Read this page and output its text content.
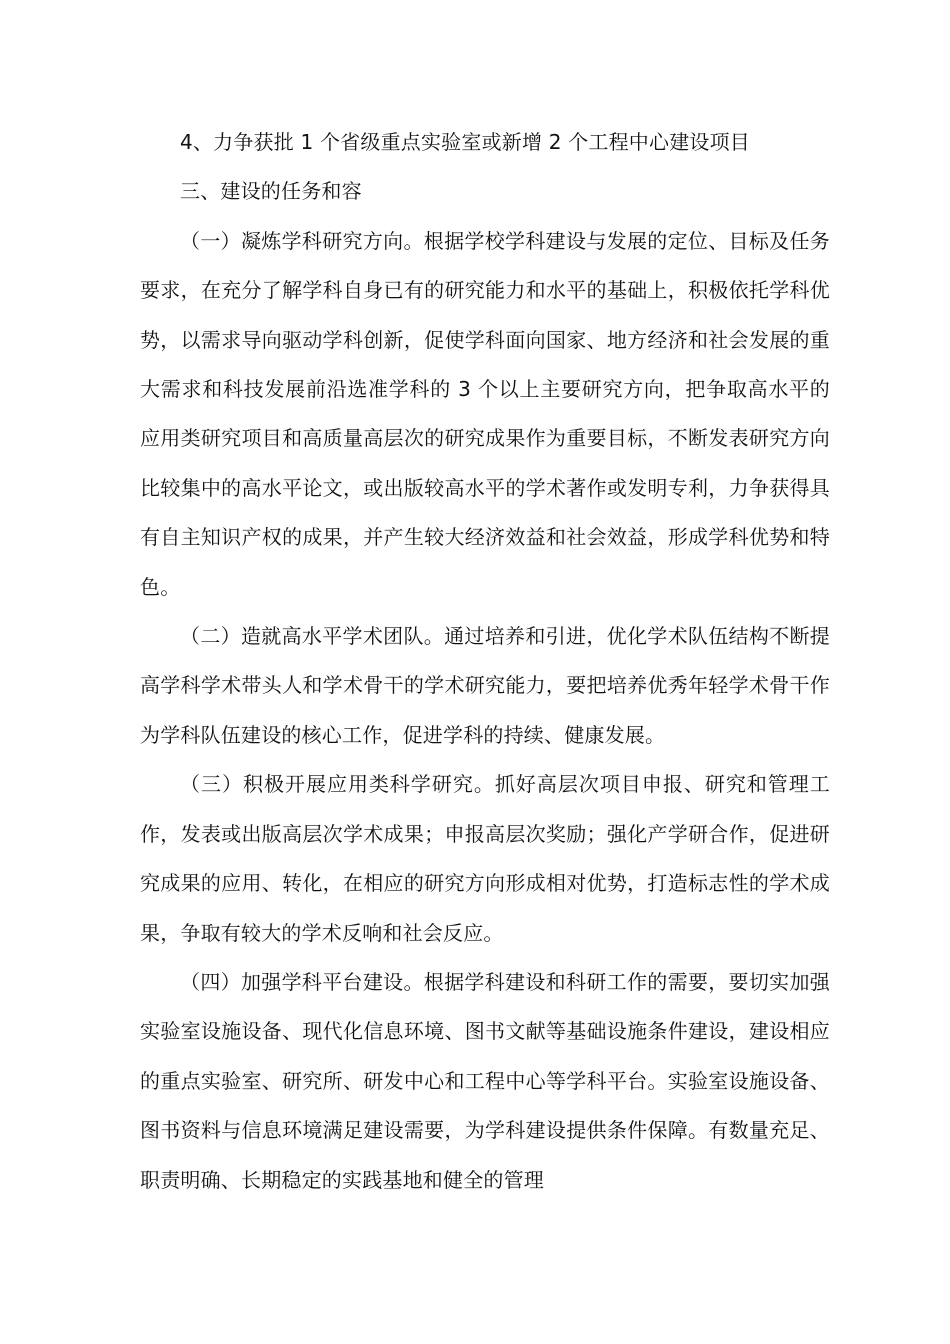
4、力争获批 1 个省级重点实验室或新增 2 个工程中心建设项目

三、建设的任务和容

（一）凝炼学科研究方向。根据学校学科建设与发展的定位、目标及任务要求，在充分了解学科自身已有的研究能力和水平的基础上，积极依托学科优势，以需求导向驱动学科创新，促使学科面向国家、地方经济和社会发展的重大需求和科技发展前沿选准学科的 3 个以上主要研究方向，把争取高水平的应用类研究项目和高质量高层次的研究成果作为重要目标，不断发表研究方向比较集中的高水平论文，或出版较高水平的学术著作或发明专利，力争获得具有自主知识产权的成果，并产生较大经济效益和社会效益，形成学科优势和特色。

（二）造就高水平学术团队。通过培养和引进，优化学术队伍结构不断提高学科学术带头人和学术骨干的学术研究能力，要把培养优秀年轻学术骨干作为学科队伍建设的核心工作，促进学科的持续、健康发展。

（三）积极开展应用类科学研究。抓好高层次项目申报、研究和管理工作，发表或出版高层次学术成果；申报高层次奖励；强化产学研合作，促进研究成果的应用、转化，在相应的研究方向形成相对优势，打造标志性的学术成果，争取有较大的学术反响和社会反应。

（四）加强学科平台建设。根据学科建设和科研工作的需要，要切实加强实验室设施设备、现代化信息环境、图书文献等基础设施条件建设，建设相应的重点实验室、研究所、研发中心和工程中心等学科平台。实验室设施设备、图书资料与信息环境满足建设需要，为学科建设提供条件保障。有数量充足、职责明确、长期稳定的实践基地和健全的管理
